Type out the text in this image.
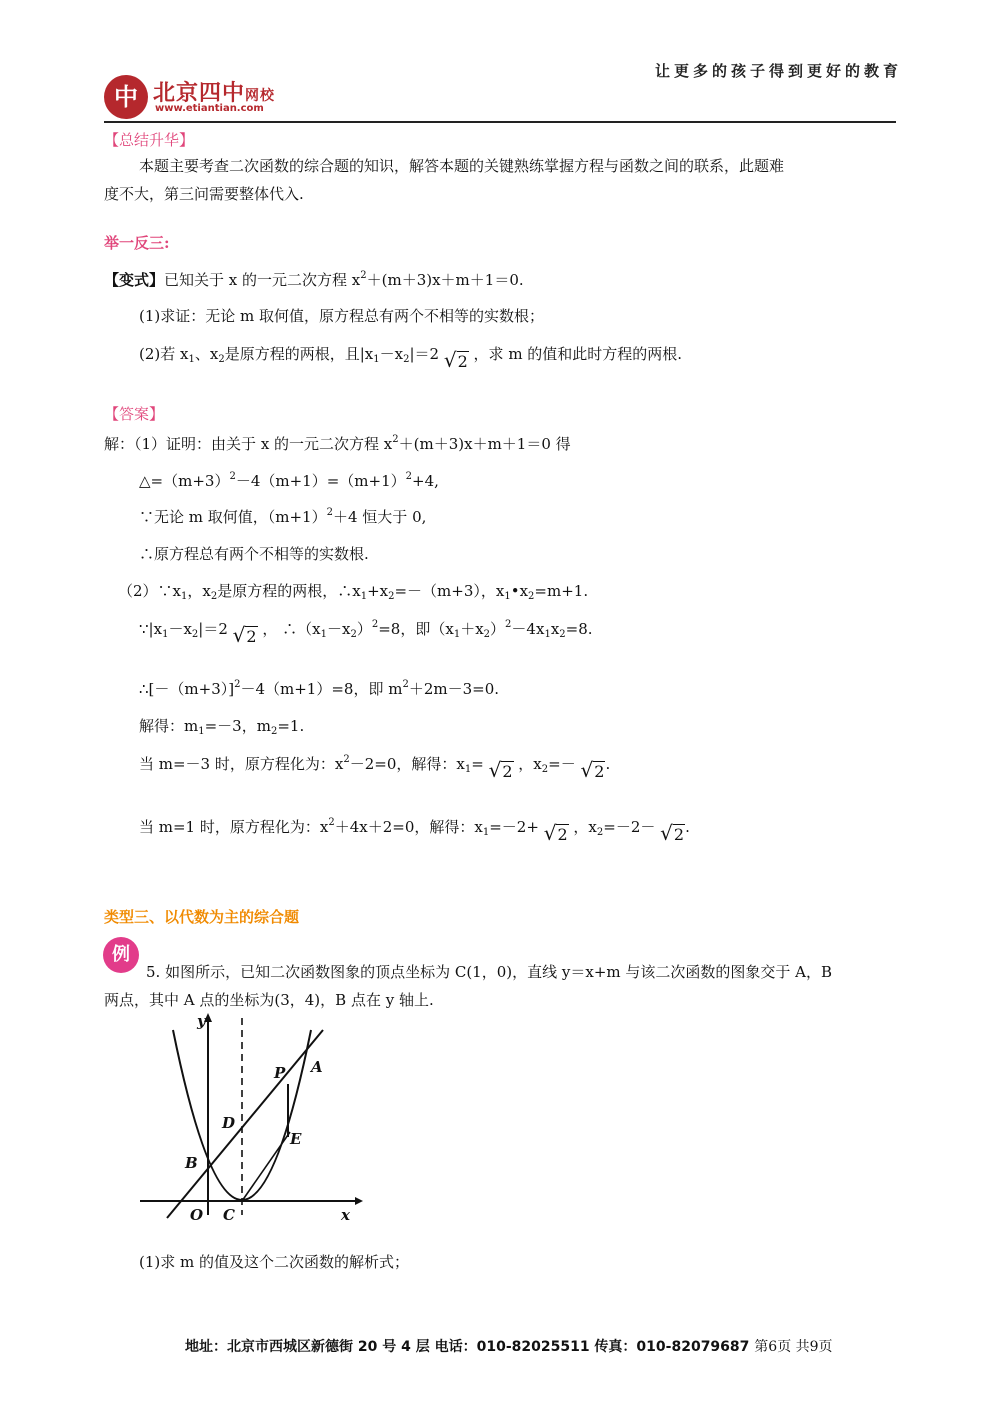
中 北京四中网校
www.etiantian.com
让更多的孩子得到更好的教育
【总结升华】
本题主要考查二次函数的综合题的知识，解答本题的关键熟练掌握方程与函数之间的联系，此题难
度不大，第三问需要整体代入.
举一反三:
【变式】已知关于 x 的一元二次方程 $x^2+(m+3)x+m+1=0$.
(1)求证：无论 m 取何值，原方程总有两个不相等的实数根；
(2)若 $x_1$、$x_2$是原方程的两根，且$|x_1-x_2|=2$ √2 ，求 m 的值和此时方程的两根.
【答案】
解：（1）证明：由关于 x 的一元二次方程 $x^2+(m+3)x+m+1=0$ 得
$\triangle=(m+3)^2-4(m+1)=(m+1)^2+4$,
∵无论 m 取何值，$(m+1)^2+4$ 恒大于 0,
∴原方程总有两个不相等的实数根.
$(2)\because x_1$，$x_2$是原方程的两根，$\therefore x_1+x_2=-(m+3)$，$x_1•x_2=m+1$.
$\because|x_1-x_2|=2$ √2 ， $\therefore(x_1-x_2)^2=8$，即$(x_1+x_2)^2-4x_1x_2=8$.
$\therefore[-(m+3)]^2-4(m+1)=8$，即 $m^2+2m-3=0$.
解得：$m_1=-3$，$m_2=1$.
当 m=－3 时，原方程化为：$x^2-2=0$，解得：$x_1= √2$ ，$x_2=- √2$.
当 m=1 时，原方程化为：$x^2+4x+2=0$，解得：$x_1=-2+ √2$ ，$x_2=-2- √2$.
类型三、以代数为主的综合题
例
5. 如图所示，已知二次函数图象的顶点坐标为 C(1，0)，直线 y＝x+m 与该二次函数的图象交于 A，B
两点，其中 A 点的坐标为(3，4)，B 点在 y 轴上.
y
x
O C
B
D
E
P A
(1)求 m 的值及这个二次函数的解析式；
地址：北京市西城区新德街 20 号 4 层 电话：010-82025511 传真：010-82079687 第6页 共9页
